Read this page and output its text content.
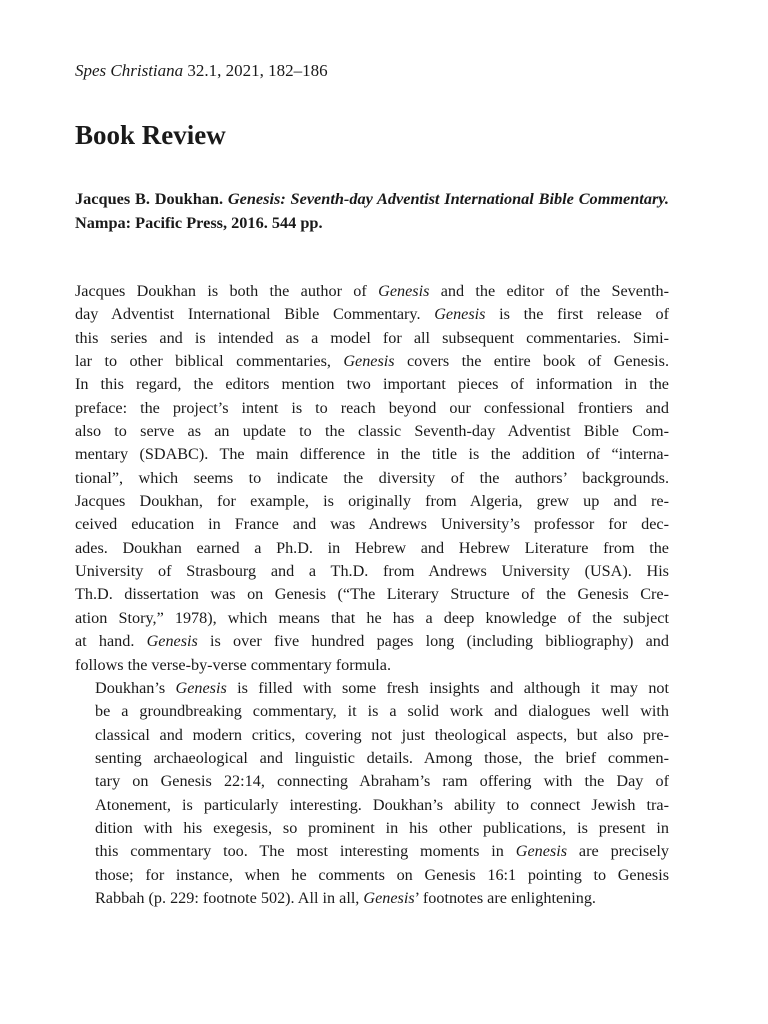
Spes Christiana 32.1, 2021, 182–186
Book Review

Jacques B. Doukhan. Genesis: Seventh-day Adventist International Bible Commentary. Nampa: Pacific Press, 2016. 544 pp.

Jacques Doukhan is both the author of Genesis and the editor of the Seventh-
day Adventist International Bible Commentary. Genesis is the first release of
this series and is intended as a model for all subsequent commentaries. Simi-
lar to other biblical commentaries, Genesis covers the entire book of Genesis.
In this regard, the editors mention two important pieces of information in the
preface: the project’s intent is to reach beyond our confessional frontiers and
also to serve as an update to the classic Seventh-day Adventist Bible Com-
mentary (SDABC). The main difference in the title is the addition of “interna-
tional”, which seems to indicate the diversity of the authors’ backgrounds.
Jacques Doukhan, for example, is originally from Algeria, grew up and re-
ceived education in France and was Andrews University’s professor for dec-
ades. Doukhan earned a Ph.D. in Hebrew and Hebrew Literature from the
University of Strasbourg and a Th.D. from Andrews University (USA). His
Th.D. dissertation was on Genesis (“The Literary Structure of the Genesis Cre-
ation Story,” 1978), which means that he has a deep knowledge of the subject
at hand. Genesis is over five hundred pages long (including bibliography) and
follows the verse-by-verse commentary formula.

Doukhan’s Genesis is filled with some fresh insights and although it may not
be a groundbreaking commentary, it is a solid work and dialogues well with
classical and modern critics, covering not just theological aspects, but also pre-
senting archaeological and linguistic details. Among those, the brief commen-
tary on Genesis 22:14, connecting Abraham’s ram offering with the Day of
Atonement, is particularly interesting. Doukhan’s ability to connect Jewish tra-
dition with his exegesis, so prominent in his other publications, is present in
this commentary too. The most interesting moments in Genesis are precisely
those; for instance, when he comments on Genesis 16:1 pointing to Genesis
Rabbah (p. 229: footnote 502). All in all, Genesis’ footnotes are enlightening.
